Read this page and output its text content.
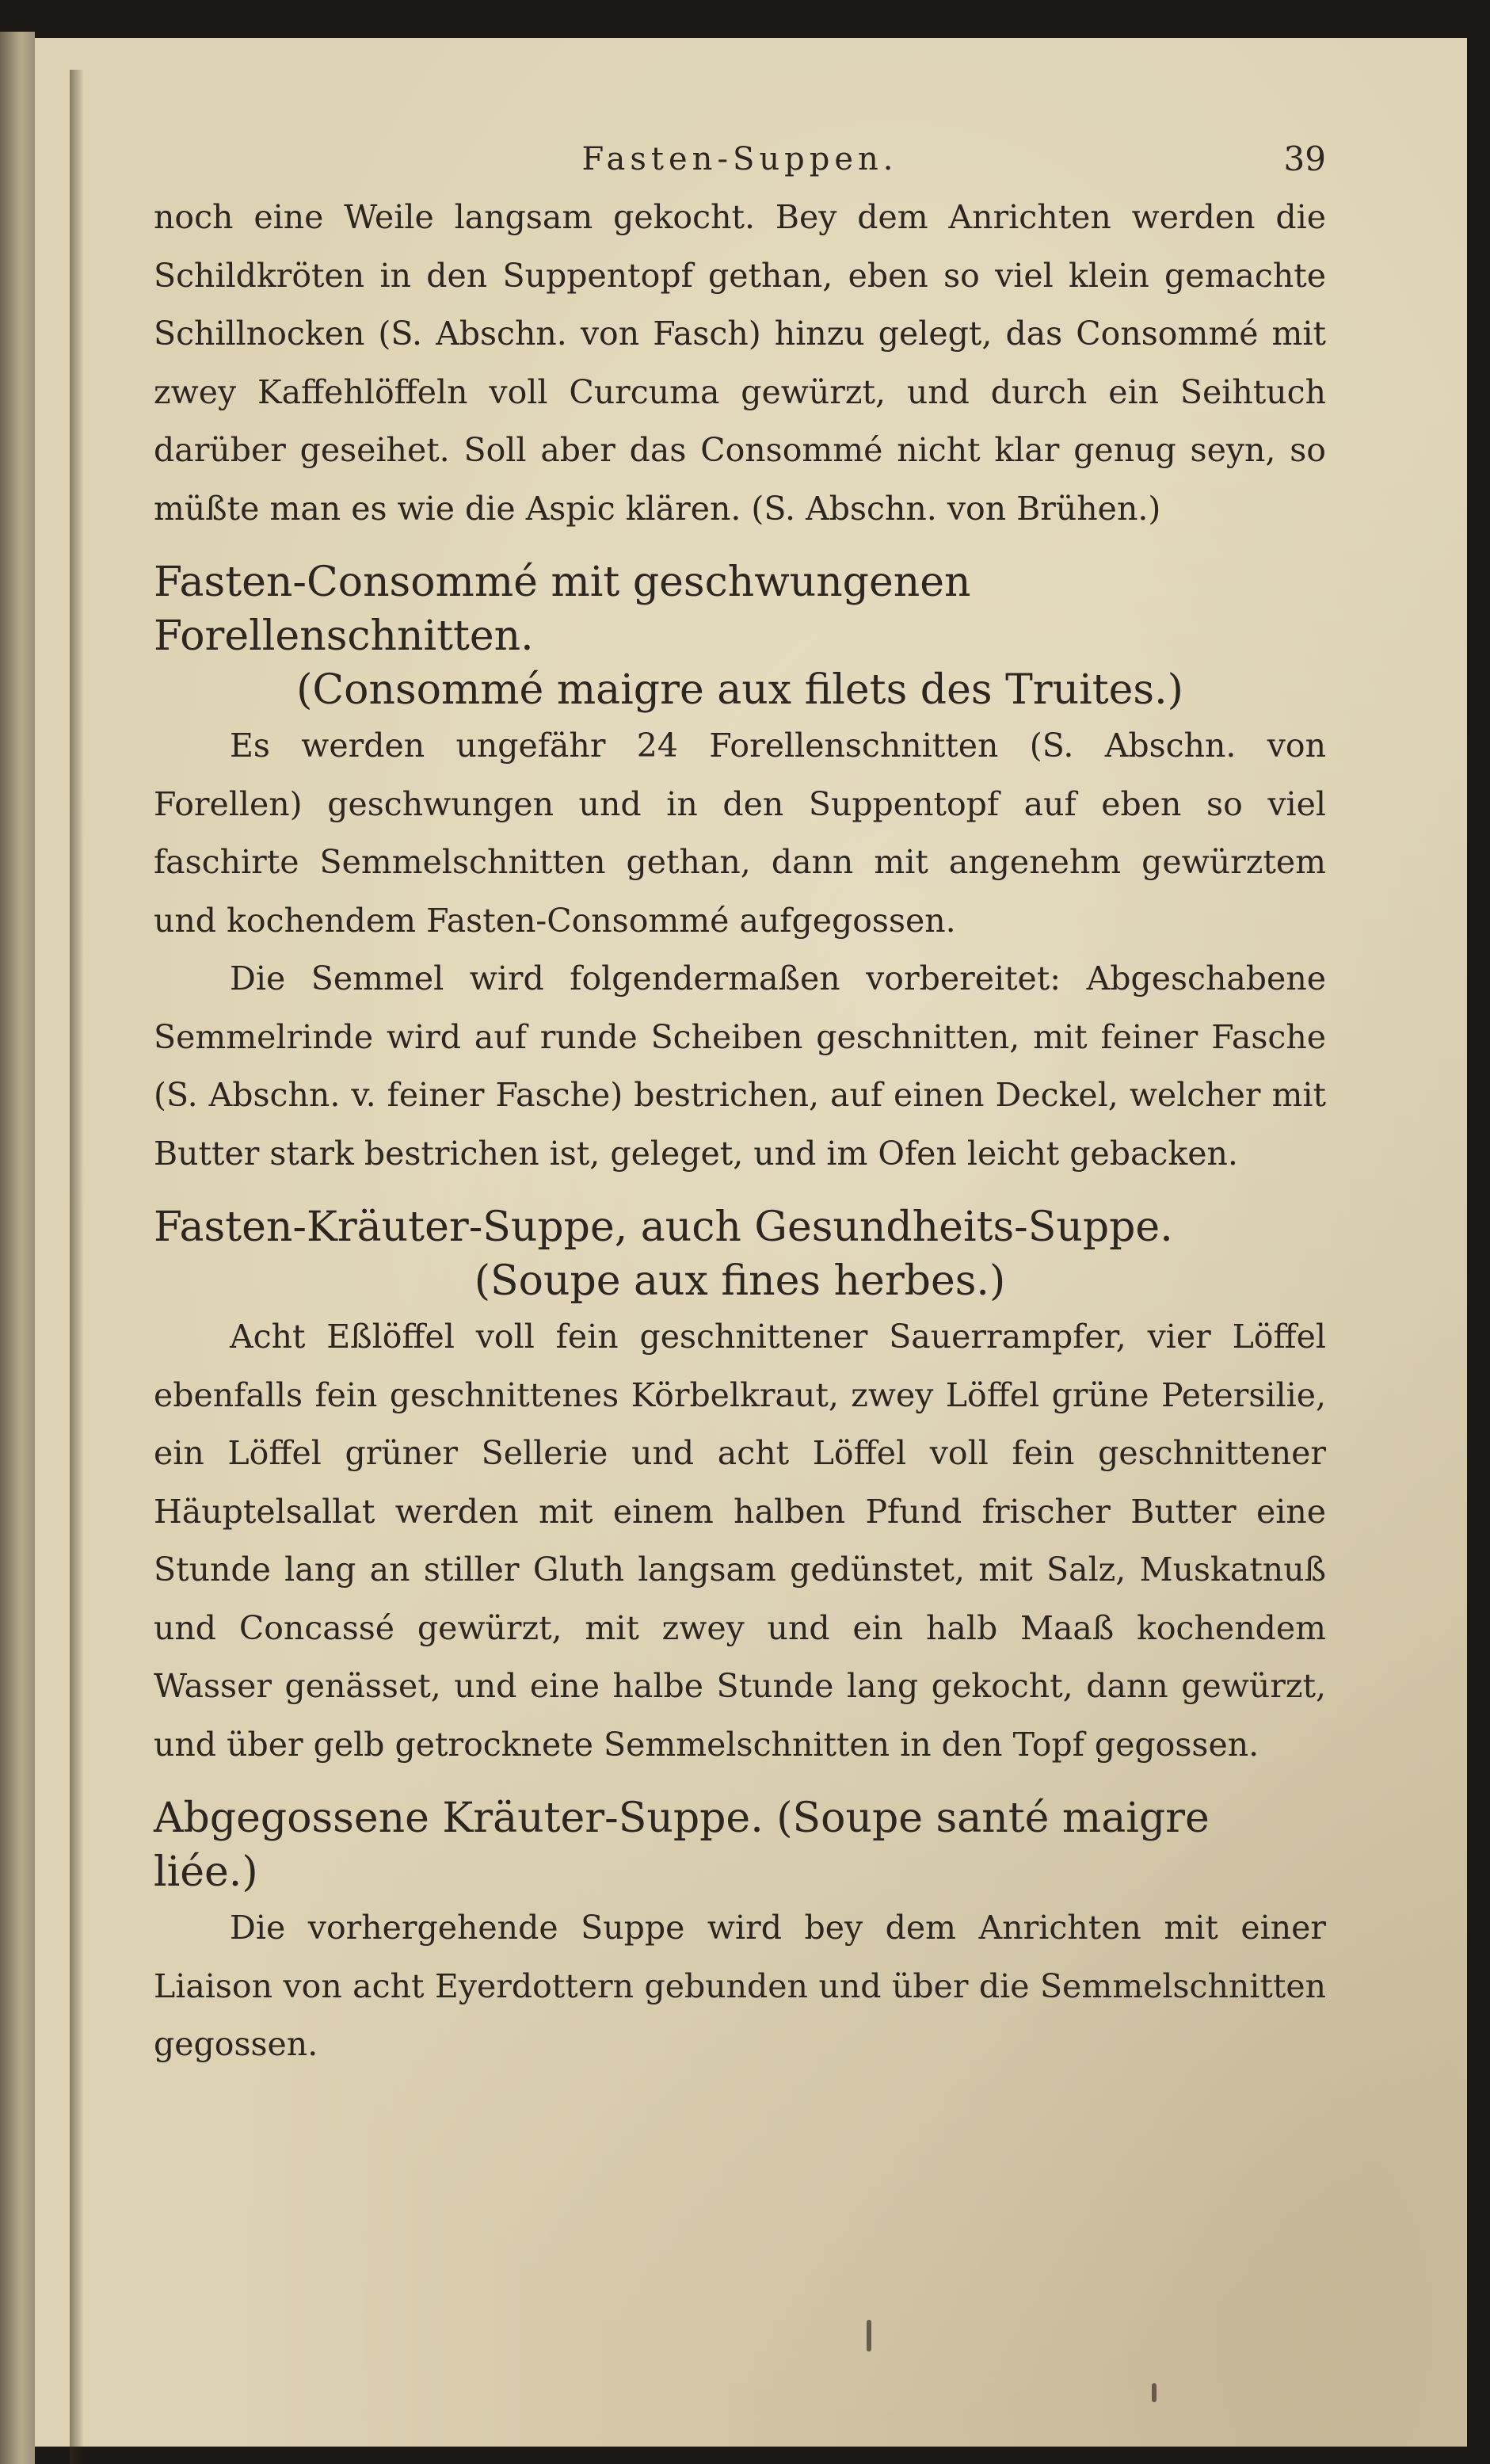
Fasten-Suppen.	39

noch eine Weile langsam gekocht. Bey dem Anrichten werden die Schildkröten in den Suppentopf gethan, eben so viel klein gemachte Schillnocken (S. Abschn. von Fasch) hinzu gelegt, das Consommé mit zwey Kaffehlöffeln voll Curcuma gewürzt, und durch ein Seihtuch darüber geseihet. Soll aber das Consommé nicht klar genug seyn, so müßte man es wie die Aspic klären. (S. Abschn. von Brühen.)

Fasten-Consommé mit geschwungenen Forellenschnitten.
(Consommé maigre aux filets des Truites.)

Es werden ungefähr 24 Forellenschnitten (S. Abschn. von Forellen) geschwungen und in den Suppentopf auf eben so viel faschirte Semmelschnitten gethan, dann mit angenehm gewürztem und kochendem Fasten-Consommé aufgegossen.

Die Semmel wird folgendermaßen vorbereitet: Abgeschabene Semmelrinde wird auf runde Scheiben geschnitten, mit feiner Fasche (S. Abschn. v. feiner Fasche) bestrichen, auf einen Deckel, welcher mit Butter stark bestrichen ist, geleget, und im Ofen leicht gebacken.

Fasten-Kräuter-Suppe, auch Gesundheits-Suppe.
(Soupe aux fines herbes.)

Acht Eßlöffel voll fein geschnittener Sauerrampfer, vier Löffel ebenfalls fein geschnittenes Körbelkraut, zwey Löffel grüne Petersilie, ein Löffel grüner Sellerie und acht Löffel voll fein geschnittener Häuptelsallat werden mit einem halben Pfund frischer Butter eine Stunde lang an stiller Gluth langsam gedünstet, mit Salz, Muskatnuß und Concassé gewürzt, mit zwey und ein halb Maaß kochendem Wasser genässet, und eine halbe Stunde lang gekocht, dann gewürzt, und über gelb getrocknete Semmelschnitten in den Topf gegossen.

Abgegossene Kräuter-Suppe. (Soupe santé maigre liée.)

Die vorhergehende Suppe wird bey dem Anrichten mit einer Liaison von acht Eyerdottern gebunden und über die Semmelschnitten gegossen.
